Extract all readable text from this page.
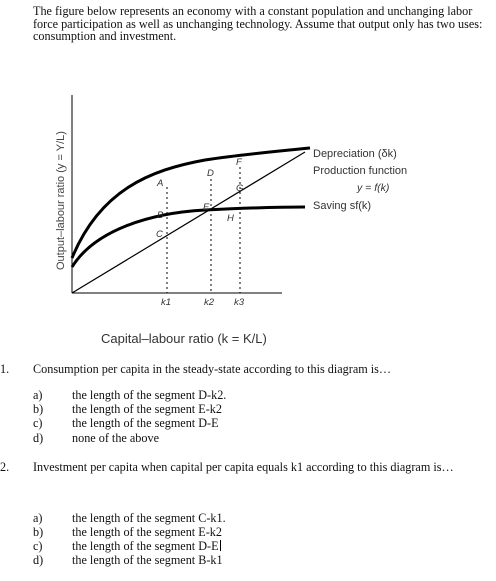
The figure below represents an economy with a constant population and unchanging labor force participation as well as unchanging technology. Assume that output only has two uses: consumption and investment.
A
B
C
D
E
F
G
H
k1	k2 k3
Depreciation (δk)
Production function
y = f(k)
Saving sf(k)
Output–labour ratio (y = Y/L)
Capital–labour ratio (k = K/L)
1. Consumption per capita in the steady-state according to this diagram is…
a) the length of the segment D-k2.
b) the length of the segment E-k2
c) the length of the segment D-E
d) none of the above
2. Investment per capita when capital per capita equals k1 according to this diagram is…
a) the length of the segment C-k1.
b) the length of the segment E-k2
c) the length of the segment D-E
d) the length of the segment B-k1
